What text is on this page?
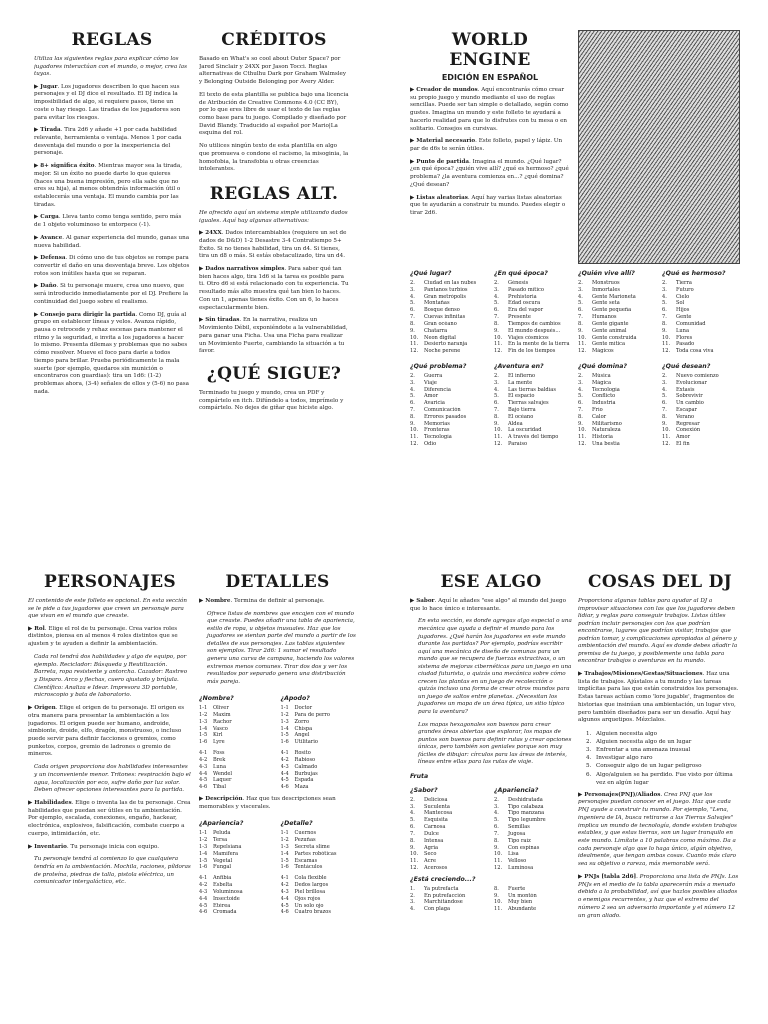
REGLAS

Utiliza las siguientes reglas para explicar cómo los jugadores interactúan con el mundo, o mejor, crea las tuyas.

▶ Jugar. Los jugadores describen lo que hacen sus personajes y el DJ dice el resultado. El DJ indica la imposibilidad de algo, si requiere pasos, tiene un coste o hay riesgo. Las tiradas de los jugadores son para evitar los riesgos.

▶ Tirada. Tira 2d6 y añade +1 por cada habilidad relevante, herramienta o ventaja. Menos 1 por cada desventaja del mundo o por la inexperiencia del personaje.

▶ 8+ significa éxito. Mientras mayor sea la tirada, mejor. Si un éxito no puede darte lo que quieres (haces una buena impresión, pero ella sabe que no eres su hija), al menos obtendrás información útil o establecerás una ventaja. El mundo cambia por las tiradas.

▶ Carga. Lleva tanto como tenga sentido, pero más de 1 objeto voluminoso te entorpece (-1).

▶ Avance. Al ganar experiencia del mundo, ganas una nueva habilidad.

▶ Defensa. Di cómo uno de tus objetos se rompe para convertir el daño en una desventaja breve. Los objetos rotos son inútiles hasta que se reparan.

▶ Daño. Si tu personaje muere, crea uno nuevo, que será introducido inmediatamente por el DJ. Prefiere la continuidad del juego sobre el realismo.

▶ Consejo para dirigir la partida. Como DJ, guía al grupo en establecer líneas y velos. Avanza rápido, pausa o retrocede y rehaz escenas para mantener el ritmo y la seguridad, e invita a los jugadores a hacer lo mismo. Presenta dilemas y problemas que no sabes cómo resolver. Mueve el foco para darle a todos tiempo para brillar. Prueba periódicamente la mala suerte (por ejemplo, quedaros sin munición o encontraros con guardias): tira un 1d6: (1-2) problemas ahora, (3-4) señales de ellos y (5-6) no pasa nada.

CRÉDITOS

Basado en What's so cool about Outer Space? por Jared Sinclair y 24XX por Jason Tocci. Reglas alternativas de Cthulhu Dark por Graham Walmsley y Belonging Outside Belonging por Avery Alder.

El texto de esta plantilla se publica bajo una licencia de Atribución de Creative Commons 4.0 (CC BY), por lo que eres libre de usar el texto de las reglas como base para tu juego. Compilado y diseñado por David Blandy. Traducido al español por Mario|La esquina del rol.

No utilices ningún texto de esta plantilla en algo que promueva o condone el racismo, la misoginia, la homofobia, la transfobia u otras creencias intolerantes.

REGLAS ALT.

He ofrecido aquí un sistema simple utilizando dados iguales. Aquí hay algunas alternativas:

▶ 24XX. Dados intercambiables (requiere un set de dados de D&D) 1-2 Desastre 3-4 Contratiempo 5+ Éxito. Si no tienes habilidad, tira un d4. Si tienes, tira un d8 o más. Si estás obstaculizado, tira un d4.

▶ Dados narrativos simples. Para saber qué tan bien haces algo, tira 1d6 si la tarea es posible para ti. Otro d6 si está relacionado con tu experiencia. Tu resultado más alto muestra qué tan bien lo haces. Con un 1, apenas tienes éxito. Con un 6, lo haces espectacularmente bien.

▶ Sin tiradas. En la narrativa, realiza un Movimiento Débil, exponiéndote a la vulnerabilidad, para ganar una Ficha. Usa una Ficha para realizar un Movimiento Fuerte, cambiando la situación a tu favor.

¿QUÉ SIGUE?

Terminado tu juego y mundo, crea un PDF y compártelo en itch. Difúndelo a todos, imprímelo y compártelo. No dejes de giñar que hiciste algo.

WORLD ENGINE
EDICIÓN EN ESPAÑOL

▶ Creador de mundos. Aquí encontrarás cómo crear su propio juego y mundo mediante el uso de reglas sencillas. Puede ser tan simple o detallado, según como gustes. Imagina un mundo y este folleto te ayudará a hacerlo realidad para que lo disfrutes con tu mesa o en solitario. Consejos en cursivas.

▶ Material necesario. Este folleto, papel y lápiz. Un par de d6s te serán útiles.

▶ Punto de partida. Imagina el mundo. ¿Qué lugar? ¿en qué época? ¿quién vive allí? ¿qué es hermoso? ¿qué problema? ¿la aventura comienza en...? ¿qué domina? ¿Qué desean?

▶ Listas aleatorias. Aquí hay varias listas aleatorias que te ayudarán a construir tu mundo. Puedes elegir o tirar 2d6.

¿Qué lugar?
2.	Ciudad en las nubes
3.	Pantanos turbios
4.	Gran metrópolis
5.	Montañas
6.	Bosque denso
7.	Cuevas infinitas
8.	Gran océano
9.	Chatarra
10.	Neon digital
11.	Desierto naranja
12.	Noche perene
¿En qué época?
2.	Génesis
3.	Pasado mítico
4.	Prehistoria
5.	Edad oscura
6.	Era del vapor
7.	Presente
8.	Tiempos de cambios
9.	El mundo después...
10.	Viajes cósmicos
11.	En la mente de la tierra
12.	Fin de los tiempos
¿Quién vive allí?
2.	Monstruos
3.	Inmortales
4.	Gente Marioneta
5.	Gente seta
6.	Gente pequeña
7.	Humanos
8.	Gente gigante
9.	Gente animal
10.	Gente construida
11.	Gente mítica
12.	Mágicos
¿Qué es hermoso?
2.	Tierra
3.	Futuro
4.	Cielo
5.	Sol
6.	Hijos
7.	Gente
8.	Comunidad
9.	Luna
10.	Flores
11.	Pasado
12.	Toda cosa viva
¿Qué problema?
2.	Guerra
3.	Viaje
4.	Diferencia
5.	Amor
6.	Avaricia
7.	Comunicación
8.	Errores pasados
9.	Memorias
10.	Fronteras
11.	Tecnología
12.	Odio
¿Aventura en?
2.	El infierno
3.	La mente
4.	Las tierras baldías
5.	El espacio
6.	Tierras salvajes
7.	Bajo tierra
8.	El océano
9.	Aldea
10.	La oscuridad
11.	A través del tiempo
12.	Paraíso
¿Qué domina?
2.	Música
3.	Mágica
4.	Tecnología
5.	Conflicto
6.	Industria
7.	Frío
8.	Calor
9.	Militarismo
10.	Naturaleza
11.	Historia
12.	Una bestia
¿Qué desean?
2.	Nuevo comienzo
3.	Evolucionar
4.	Éxtasis
5.	Sobrevivir
6.	Un cambio
7.	Escapar
8.	Verano
9.	Regresar
10.	Conexión
11.	Amor
12.	El fin
PERSONAJES

El contenido de este folleto es opcional. En esta sección se le pide a tus jugadores que creen un personaje para que vivan en el mundo que creaste.

▶ Rol. Elige el rol de tu personaje. Crea varios roles distintos, piensa en al menos 4 roles distintos que se ajusten y te ayuden a definir la ambientación.

Cada rol tendrá dos habilidades y algo de equipo, por ejemplo. Reciclador: Búsqueda y Reutilización. Barreta, ropa resistente y antorcha. Cazador: Rastreo y Disparo. Arco y flechas, cuero ajustado y brújula. Científico: Analiza e Idear. Impresora 3D portable, microscopio y bata de laboratorio.

▶ Origen. Elige el origen de tu personaje. El origen es otra manera para presentar la ambientación a los jugadores. El origen puede ser humano, androide, simbionte, droide, elfo, dragón, monstruoso, o incluso puede servir para definir facciones o gremios, como punketos, corpos, gremio de ladrones o gremio de mineros.

Cada origen proporciona dos habilidades interesantes y un inconveniente menor. Tritones: respiración bajo el agua, localización por eco, sufre daño por luz solar. Deben ofrecer opciones interesantes para la partida.

▶ Habilidades. Elige o inventa las de tu personaje. Crea habilidades que puedan ser útiles en tu ambientación. Por ejemplo, escalada, conexiones, engaño, hackear, electrónica, explosivos, falsificación, combate cuerpo a cuerpo, intimidación, etc.

▶ Inventario. Tu personaje inicia con equipo.

Tu personaje tendrá al comienzo lo que cualquiera tendría en la ambientación. Mochila, raciones, píldoras de proteína, piedras de talla, pistola eléctrica, un comunicador intergaláctico, etc.

DETALLES

▶ Nombre. Termina de definir al personaje.

Ofrece listas de nombres que encajen con el mundo que creaste. Puedes añadir una tabla de apariencia, estilo de ropa, u objetos inusuales. Haz que los jugadores se sientan parte del mundo a partir de los detalles de sus personajes. Las tablas siguientes son ejemplos. Tirar 2d6: 1 sumar el resultado genera una curva de campana, haciendo los valores extremos menos comunes. Tirar dos dos y ver los resultados por separado genera una distribución más pareja.

¿Nombre?
1-1	Oliver
1-2	Maxim
1-3	Rachor
1-4	Vasco
1-5	Kirl
1-6	Lyre
4-1	Foss
4-2	Brek
4-3	Luna
4-4	Wendel
4-5	Laquer
4-6	Tibal
¿Apodo?
1-1	Doctor
1-2	Para de perro
1-3	Zorro
1-4	Chispa
1-5	Ángel
1-6	Utilitario
4-1	Rosito
4-2	Rabioso
4-3	Calmado
4-4	Burbujas
4-5	Espada
4-6	Maza

▶ Descripción. Haz que tus descripciones sean memorables y viscerales.

¿Apariencia?
1-1	Peluda
1-2	Tersa
1-3	Repelsiana
1-4	Mamífera
1-5	Vegetal
1-6	Fungal
4-1	Anfibia
4-2	Esbelta
4-3	Voluminosa
4-4	Insectoide
4-5	Etérea
4-6	Cromada
¿Detalle?
1-1	Cuernos
1-2	Pezuñas
1-3	Secreta slime
1-4	Partes robóticas
1-5	Escamas
1-6	Tentáculos
4-1	Cola flexible
4-2	Dedos largos
4-3	Piel brillosa
4-4	Ojos rojos
4-5	Un solo ojo
4-6	Cuatro brazos
ESE ALGO

▶ Sabor. Aquí le añades "ese algo" al mundo del juego que lo hace único e interesante.

En esta sección, es donde agregas algo especial o una mecánica que ayuda a definir el mundo para los jugadores. ¿Qué harán los jugadores en este mundo durante las partidas? Por ejemplo, podrías escribir aquí una mecánica de diseño de comunas para un mundo que se recupera de fuerzas extractivas, o un sistema de mejoras cibernéticas para un juego en una ciudad futurista, o quizás una mecánica sobre cómo crecen las plantas en un juego de recolección o quizás incluso una forma de crear otros mundos para un juego de saltos entre planetas. ¿Necesitan los jugadores un mapa de un área típica, un sitio típico para la aventura?

Los mapas hexagonales son buenos para crear grandes áreas abiertas que explorar, los mapas de puntos son buenos para definir rutas y crear opciones únicas, pero también son geniales porque son muy fáciles de dibujar: círculos para las áreas de interés, líneas entre ellas para las rutas de viaje.

Fruta
¿Sabor?
2.	Deliciosa
3.	Suculenta
4.	Mantecosa
5.	Esquisita
6.	Carnosa
7.	Dulce
8.	Intensa
9.	Agria
10.	Seco
11.	Acre
12.	Acerosos
¿Apariencia?
2.	Deshidratada
3.	Tipo calabaza
4.	Tipo manzana
5.	Tipo legumbre
6.	Semillas
7.	Jugosa
8.	Tipo raíz
9.	Con espinas
10.	Lisa
11.	Velloso
12.	Luminosa
¿Está creciendo...?
1.	Ya putrefacta
2.	En putrefacción
3.	Marchitándose
4.	Con plaga
8.	Fuerte
9.	Un montón
10.	Muy bien
11.	Abundante
COSAS DEL DJ

Proporciona algunas tablas para ayudar al DJ a improvisar situaciones con las que los jugadores deben lidiar, y reglas para conseguir trabajos. Listas útiles podrían incluir personajes con los que podrían encontrarse, lugares que podrían visitar, trabajos que podrían tomar, y complicaciones apropiadas al género y ambientación del mundo. Aquí es donde debes añadir la premisa de tu juego, y posiblemente una tabla para encontrar trabajos o aventuras en tu mundo.

▶ Trabajos/Misiones/Gestas/Situaciones. Haz una lista de trabajos. Ajústalos a tu mundo y las tareas implícitas para las que están construidos los personajes. Estas tareas actúan como 'lore jugable', fragmentos de historias que insinúan una ambientación, un lugar vivo, pero también diseñados para ser un desafío. Aquí hay algunos arquetipos. Mézclalos.

1. Alguien necesita algo
2. Alguien necesita algo de un lugar
3. Enfrentar a una amenaza inusual
4. Investigar algo raro
5. Conseguir algo de un lugar peligroso
6. Algo/alguien se ha perdido. Fue visto por última vez en algún lugar

▶ Personajes(PNJ)/Aliados. Crea PNJ que los personajes puedan conocer en el juego. Haz que cada PNJ ayude a construir tu mundo. Por ejemplo, "Lena, ingeniera de IA, busca retirarse a las Tierras Salvajes" implica un mundo de tecnología, donde existen trabajos estables, y que estas tierras, son un lugar tranquilo en este mundo. Limítate a 10 palabras como máximo. Da a cada personaje algo que lo haga único, algún objetivo, idealmente, que tengan ambas cosas. Cuanto más claro sea su objetivo o rareza, más memorable será.

▶ PNJs [tabla 2d6]. Proporciona una lista de PNJs. Los PNJs en el medio de la tabla aparecerán más a menudo debido a la probabilidad, así que hazlos posibles aliados o enemigos recurrentes, y haz que el extremo del número 2 sea un adversario importante y el número 12 un gran aliado.
